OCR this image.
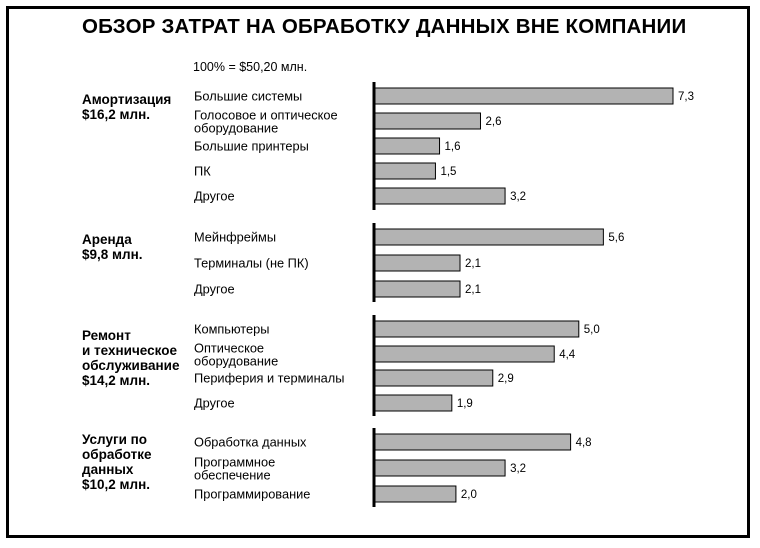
ОБЗОР ЗАТРАТ НА ОБРАБОТКУ ДАННЫХ ВНЕ КОМПАНИИ
100% = $50,20 млн.
Амортизация
$16,2 млн.
7,3
Большие системы
2,6
Голосовое и оптическое
оборудование
1,6
Большие принтеры
1,5
ПК
3,2
Другое
Аренда
$9,8 млн.
5,6
Мейнфреймы
2,1
Терминалы (не ПК)
2,1
Другое
Ремонт
и техническое
обслуживание
$14,2 млн.
5,0
Компьютеры
4,4
Оптическое
оборудование
2,9
Периферия и терминалы
1,9
Другое
Услуги по
обработке
данных
$10,2 млн.
4,8
Обработка данных
3,2
Программное
обеспечение
2,0
Программирование
